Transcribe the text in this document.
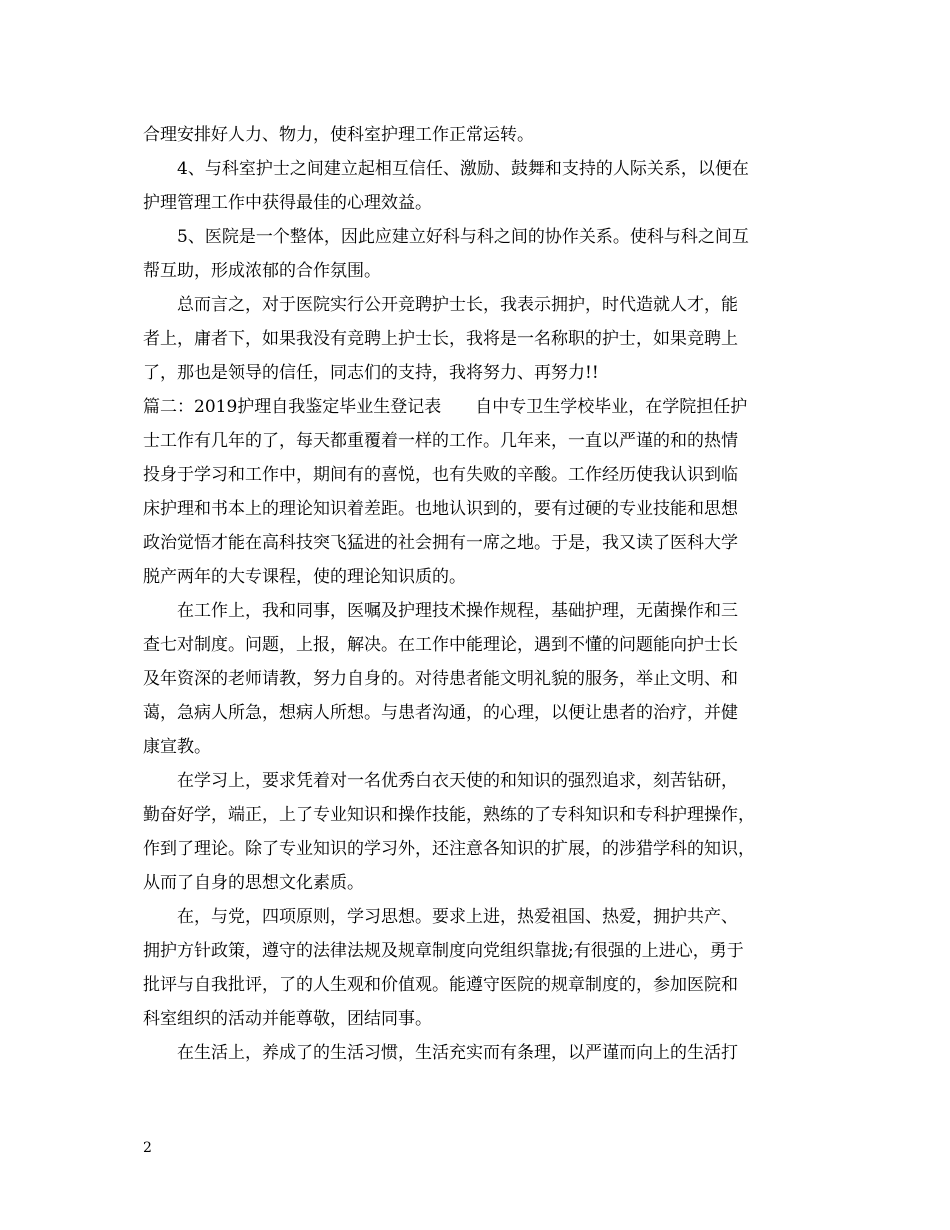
合理安排好人力、物力，使科室护理工作正常运转。
4、与科室护士之间建立起相互信任、激励、鼓舞和支持的人际关系，以便在
护理管理工作中获得最佳的心理效益。
5、医院是一个整体，因此应建立好科与科之间的协作关系。使科与科之间互
帮互助，形成浓郁的合作氛围。
总而言之，对于医院实行公开竞聘护士长，我表示拥护，时代造就人才，能
者上，庸者下，如果我没有竞聘上护士长，我将是一名称职的护士，如果竞聘上
了，那也是领导的信任，同志们的支持，我将努力、再努力!!
篇二：2019护理自我鉴定毕业生登记表　　自中专卫生学校毕业，在学院担任护
士工作有几年的了，每天都重覆着一样的工作。几年来，一直以严谨的和的热情
投身于学习和工作中，期间有的喜悦，也有失败的辛酸。工作经历使我认识到临
床护理和书本上的理论知识着差距。也地认识到的，要有过硬的专业技能和思想
政治觉悟才能在高科技突飞猛进的社会拥有一席之地。于是，我又读了医科大学
脱产两年的大专课程，使的理论知识质的。
在工作上，我和同事，医嘱及护理技术操作规程，基础护理，无菌操作和三
查七对制度。问题，上报，解决。在工作中能理论，遇到不懂的问题能向护士长
及年资深的老师请教，努力自身的。对待患者能文明礼貌的服务，举止文明、和
蔼，急病人所急，想病人所想。与患者沟通，的心理，以便让患者的治疗，并健
康宣教。
在学习上，要求凭着对一名优秀白衣天使的和知识的强烈追求，刻苦钻研，
勤奋好学，端正，上了专业知识和操作技能，熟练的了专科知识和专科护理操作，
作到了理论。除了专业知识的学习外，还注意各知识的扩展，的涉猎学科的知识，
从而了自身的思想文化素质。
在，与党，四项原则，学习思想。要求上进，热爱祖国、热爱，拥护共产、
拥护方针政策，遵守的法律法规及规章制度向党组织靠拢;有很强的上进心，勇于
批评与自我批评，了的人生观和价值观。能遵守医院的规章制度的，参加医院和
科室组织的活动并能尊敬，团结同事。
在生活上，养成了的生活习惯，生活充实而有条理，以严谨而向上的生活打
2
